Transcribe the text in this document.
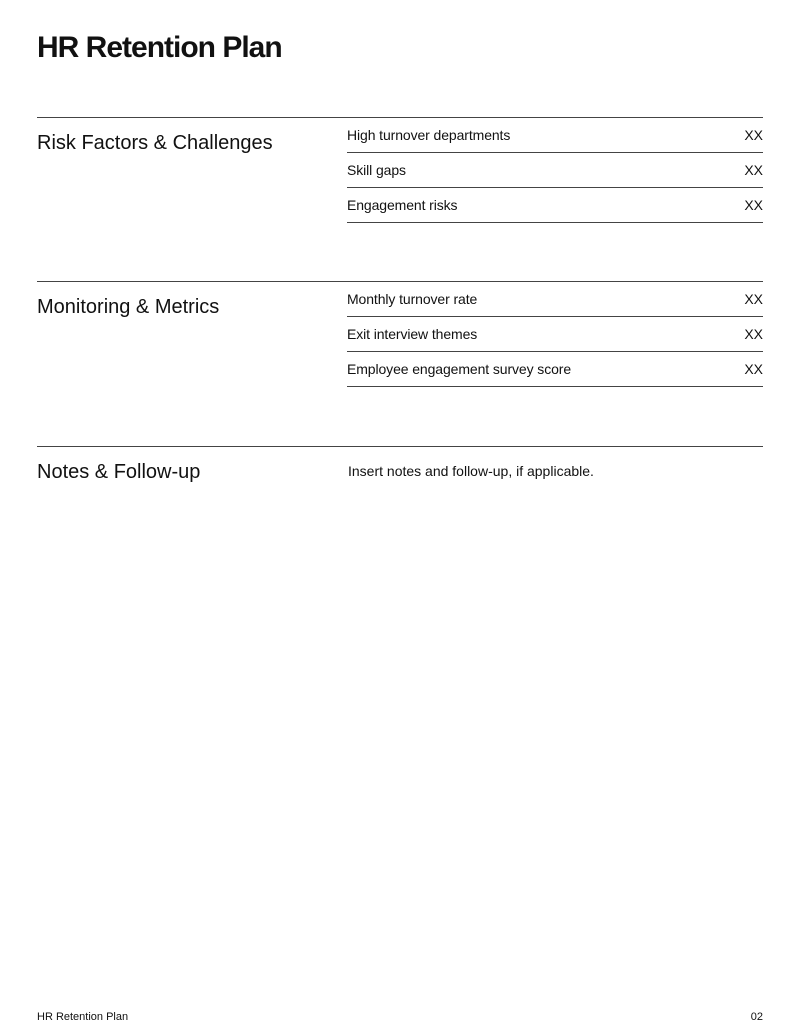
HR Retention Plan
Risk Factors & Challenges	High turnover departments	XX
Skill gaps	XX
Engagement risks	XX
Monitoring & Metrics	Monthly turnover rate	XX
Exit interview themes	XX
Employee engagement survey score	XX
Notes & Follow-up	Insert notes and follow-up, if applicable.
HR Retention Plan	02
